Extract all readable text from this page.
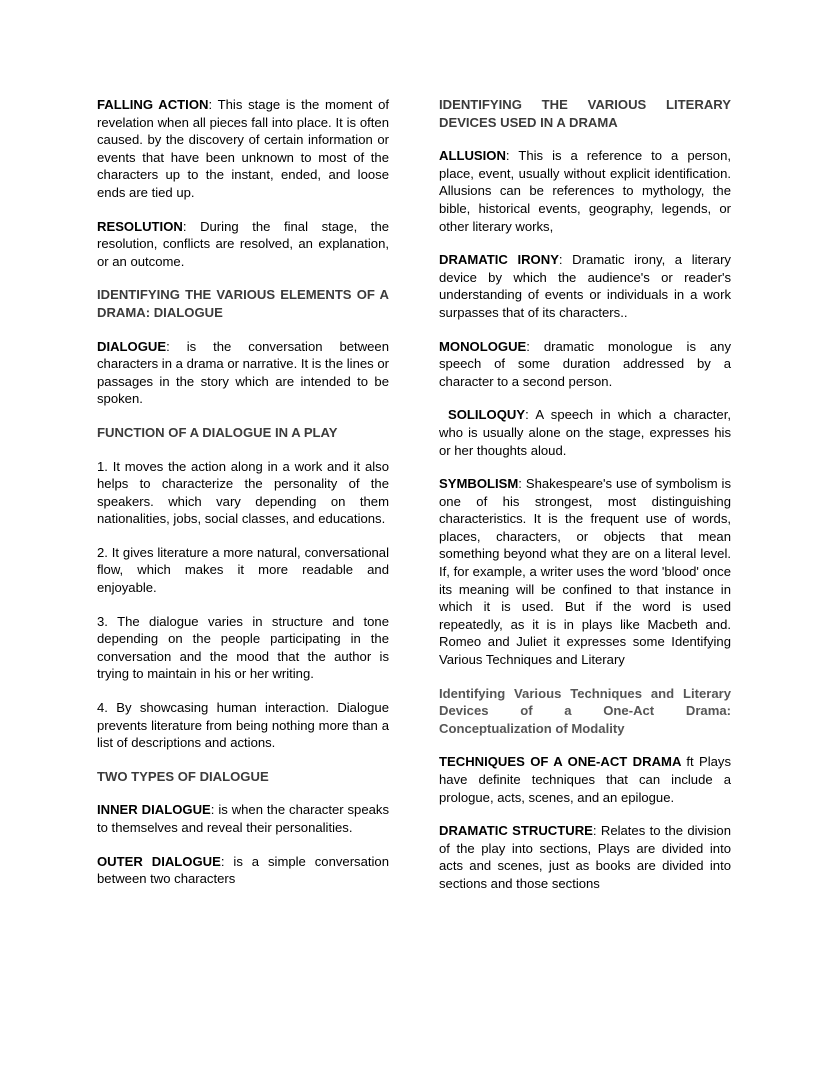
FALLING ACTION: This stage is the moment of revelation when all pieces fall into place. It is often caused. by the discovery of certain information or events that have been unknown to most of the characters up to the instant, ended, and loose ends are tied up.

RESOLUTION: During the final stage, the resolution, conflicts are resolved, an explanation, or an outcome.

IDENTIFYING THE VARIOUS ELEMENTS OF A DRAMA: DIALOGUE

DIALOGUE: is the conversation between characters in a drama or narrative. It is the lines or passages in the story which are intended to be spoken.

FUNCTION OF A DIALOGUE IN A PLAY

1. It moves the action along in a work and it also helps to characterize the personality of the speakers. which vary depending on them nationalities, jobs, social classes, and educations.

2. It gives literature a more natural, conversational flow, which makes it more readable and enjoyable.

3. The dialogue varies in structure and tone depending on the people participating in the conversation and the mood that the author is trying to maintain in his or her writing.

4. By showcasing human interaction. Dialogue prevents literature from being nothing more than a list of descriptions and actions.

TWO TYPES OF DIALOGUE

INNER DIALOGUE: is when the character speaks to themselves and reveal their personalities.

OUTER DIALOGUE: is a simple conversation between two characters

IDENTIFYING THE VARIOUS LITERARY DEVICES USED IN A DRAMA

ALLUSION: This is a reference to a person, place, event, usually without explicit identification. Allusions can be references to mythology, the bible, historical events, geography, legends, or other literary works,

DRAMATIC IRONY: Dramatic irony, a literary device by which the audience's or reader's understanding of events or individuals in a work surpasses that of its characters..

MONOLOGUE: dramatic monologue is any speech of some duration addressed by a character to a second person.

SOLILOQUY: A speech in which a character, who is usually alone on the stage, expresses his or her thoughts aloud.

SYMBOLISM: Shakespeare's use of symbolism is one of his strongest, most distinguishing characteristics. It is the frequent use of words, places, characters, or objects that mean something beyond what they are on a literal level. If, for example, a writer uses the word 'blood' once its meaning will be confined to that instance in which it is used. But if the word is used repeatedly, as it is in plays like Macbeth and. Romeo and Juliet it expresses some Identifying Various Techniques and Literary

Identifying Various Techniques and Literary Devices of a One-Act Drama: Conceptualization of Modality

TECHNIQUES OF A ONE-ACT DRAMA ft Plays have definite techniques that can include a prologue, acts, scenes, and an epilogue.

DRAMATIC STRUCTURE: Relates to the division of the play into sections, Plays are divided into acts and scenes, just as books are divided into sections and those sections
